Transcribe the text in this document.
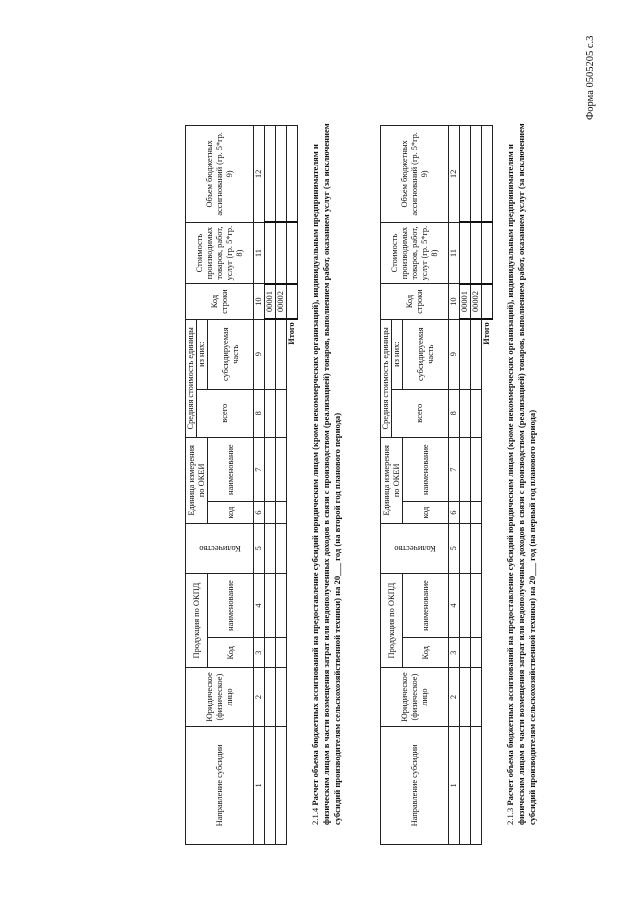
Форма 0505205 с.3
2.1.3 Расчет объема бюджетных ассигнований на предоставление субсидий юридическим лицам (кроме некоммерческих организаций), индивидуальным предпринимателям и физическим лицам в части возмещения затрат или недополученных доходов в связи с производством (реализацией) товаров, выполнением работ, оказанием услуг (за исключением субсидий производителям сельскохозяйственной техники) на 20___ год (на первый год планового периода)
Направление субсидии	Юридическое (физическое) лицо	Продукция по ОКПД		Количество	Единица измерения по ОКЕИ		Средняя стоимость единицы		Код строки	Стоимость производимых товаров, работ, услуг (гр. 5*гр. 8)	Объем бюджетных ассигнований (гр. 5*гр. 9)
							всего	из них:			
		Код	наименование		код	наименование		субсидируемая часть			
1	2	3	4	5	6	7	8	9	10	11	12
									00001		
									00002		
Итого											
2.1.4 Расчет объема бюджетных ассигнований на предоставление субсидий юридическим лицам (кроме некоммерческих организаций), индивидуальным предпринимателям и физическим лицам в части возмещения затрат или недополученных доходов в связи с производством (реализацией) товаров, выполнением работ, оказанием услуг (за исключением субсидий производителям сельскохозяйственной техники) на 20___ год (на второй год планового периода)
Направление субсидии	Юридическое (физическое) лицо	Продукция по ОКПД		Количество	Единица измерения по ОКЕИ		Средняя стоимость единицы		Код строки	Стоимость производимых товаров, работ, услуг (гр. 5*гр. 8)	Объем бюджетных ассигнований (гр. 5*гр. 9)
							всего	из них:			
		Код	наименование		код	наименование		субсидируемая часть			
1	2	3	4	5	6	7	8	9	10	11	12
									00001		
									00002		
Итого											
